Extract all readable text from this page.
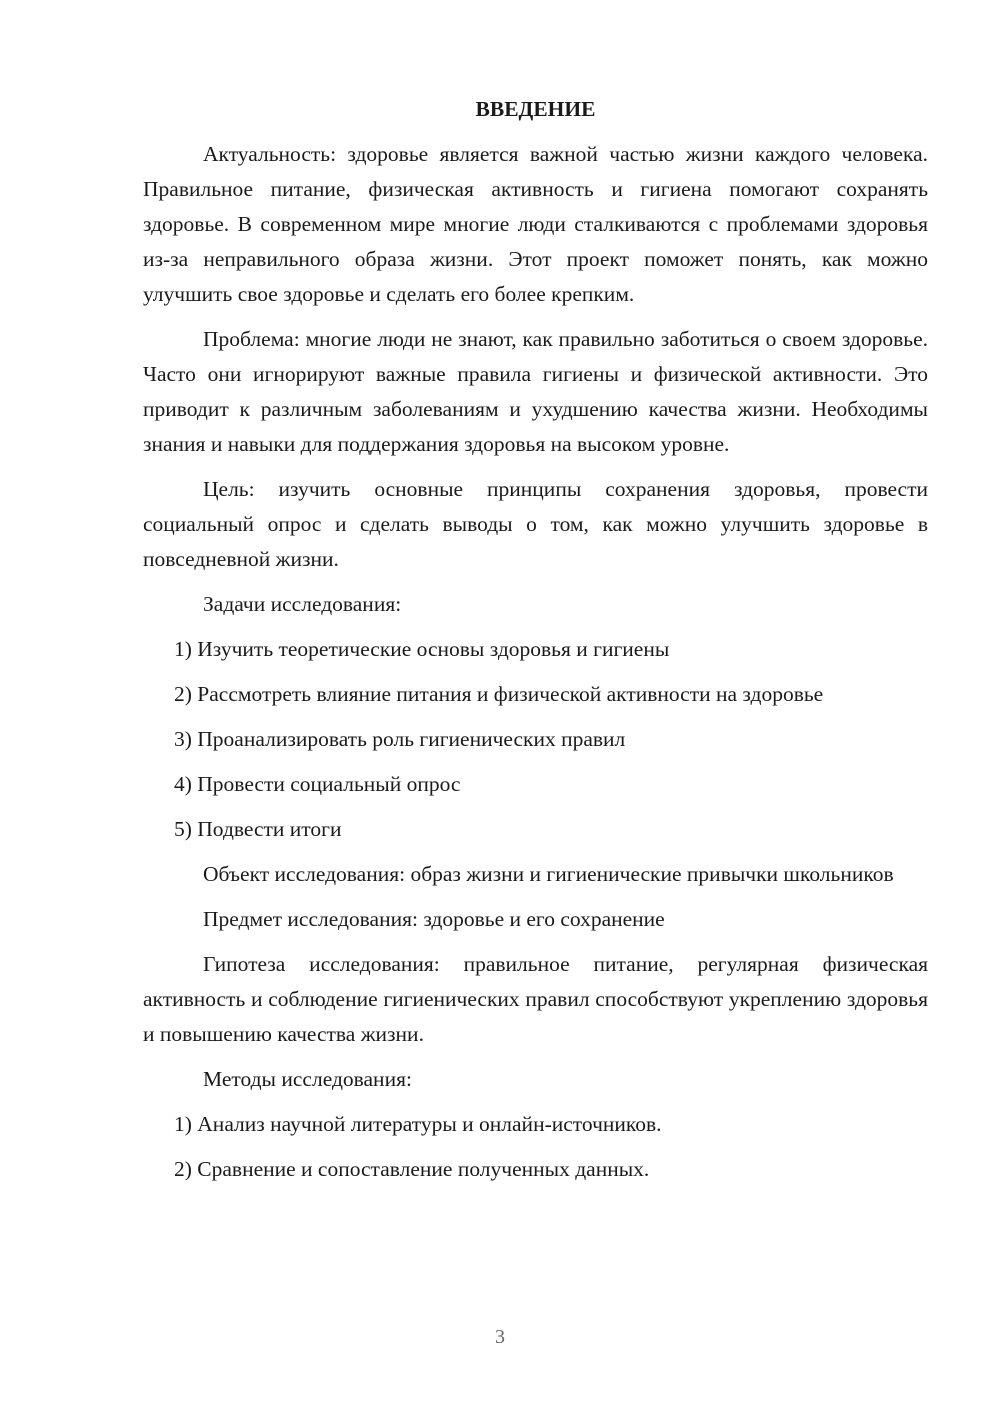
ВВЕДЕНИЕ

Актуальность: здоровье является важной частью жизни каждого человека. Правильное питание, физическая активность и гигиена помогают сохранять здоровье. В современном мире многие люди сталкиваются с проблемами здоровья из-за неправильного образа жизни. Этот проект поможет понять, как можно улучшить свое здоровье и сделать его более крепким.

Проблема: многие люди не знают, как правильно заботиться о своем здоровье. Часто они игнорируют важные правила гигиены и физической активности. Это приводит к различным заболеваниям и ухудшению качества жизни. Необходимы знания и навыки для поддержания здоровья на высоком уровне.

Цель: изучить основные принципы сохранения здоровья, провести социальный опрос и сделать выводы о том, как можно улучшить здоровье в повседневной жизни.

Задачи исследования:

1) Изучить теоретические основы здоровья и гигиены
2) Рассмотреть влияние питания и физической активности на здоровье
3) Проанализировать роль гигиенических правил
4) Провести социальный опрос
5) Подвести итоги

Объект исследования: образ жизни и гигиенические привычки школьников

Предмет исследования: здоровье и его сохранение

Гипотеза исследования: правильное питание, регулярная физическая активность и соблюдение гигиенических правил способствуют укреплению здоровья и повышению качества жизни.

Методы исследования:

1) Анализ научной литературы и онлайн-источников.
2) Сравнение и сопоставление полученных данных.
3
